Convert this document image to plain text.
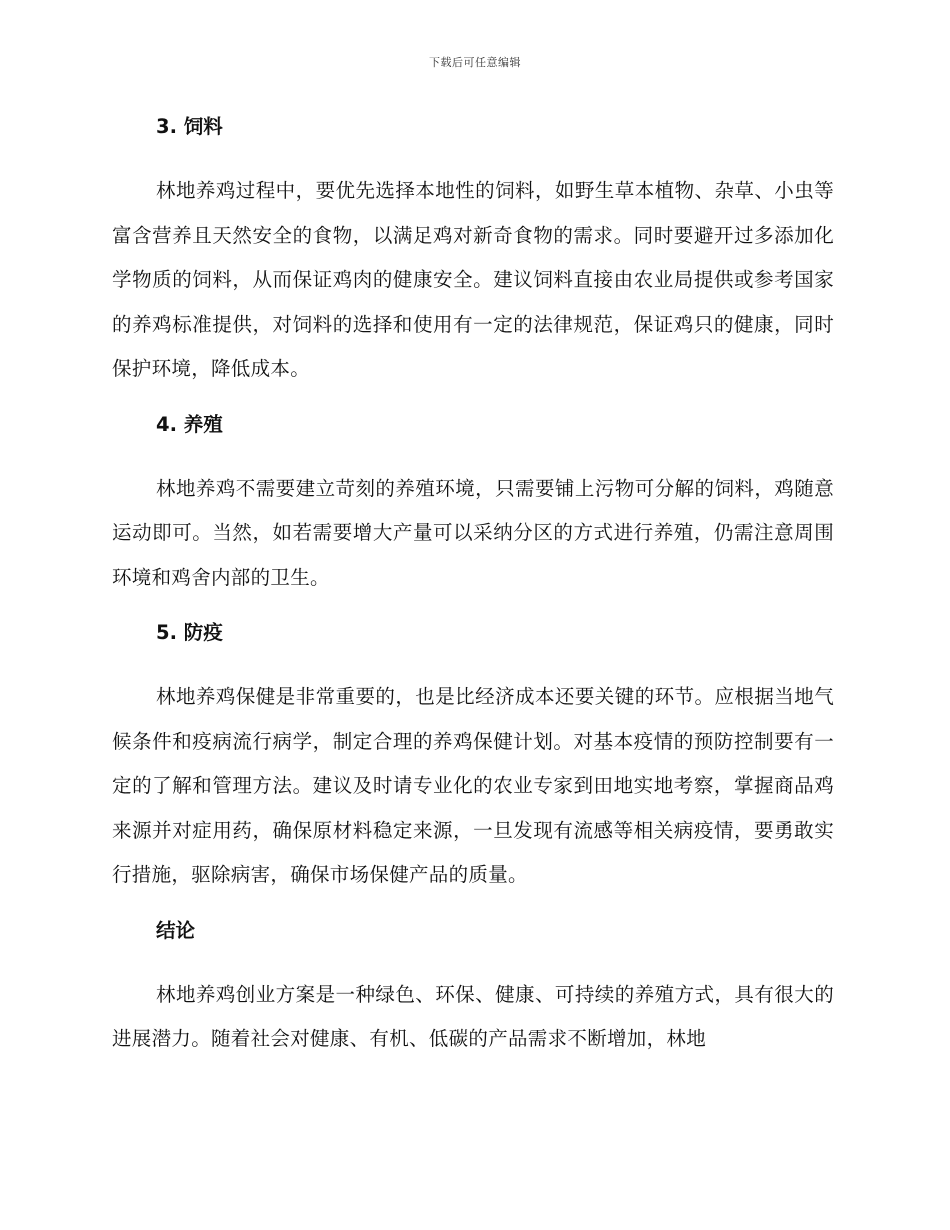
下载后可任意编辑
3. 饲料

林地养鸡过程中，要优先选择本地性的饲料，如野生草本植物、杂草、小虫等富含营养且天然安全的食物，以满足鸡对新奇食物的需求。同时要避开过多添加化学物质的饲料，从而保证鸡肉的健康安全。建议饲料直接由农业局提供或参考国家的养鸡标准提供，对饲料的选择和使用有一定的法律规范，保证鸡只的健康，同时保护环境，降低成本。

4. 养殖

林地养鸡不需要建立苛刻的养殖环境，只需要铺上污物可分解的饲料，鸡随意运动即可。当然，如若需要增大产量可以采纳分区的方式进行养殖，仍需注意周围环境和鸡舍内部的卫生。

5. 防疫

林地养鸡保健是非常重要的，也是比经济成本还要关键的环节。应根据当地气候条件和疫病流行病学，制定合理的养鸡保健计划。对基本疫情的预防控制要有一定的了解和管理方法。建议及时请专业化的农业专家到田地实地考察，掌握商品鸡来源并对症用药，确保原材料稳定来源，一旦发现有流感等相关病疫情，要勇敢实行措施，驱除病害，确保市场保健产品的质量。

结论

林地养鸡创业方案是一种绿色、环保、健康、可持续的养殖方式，具有很大的进展潜力。随着社会对健康、有机、低碳的产品需求不断增加，林地
